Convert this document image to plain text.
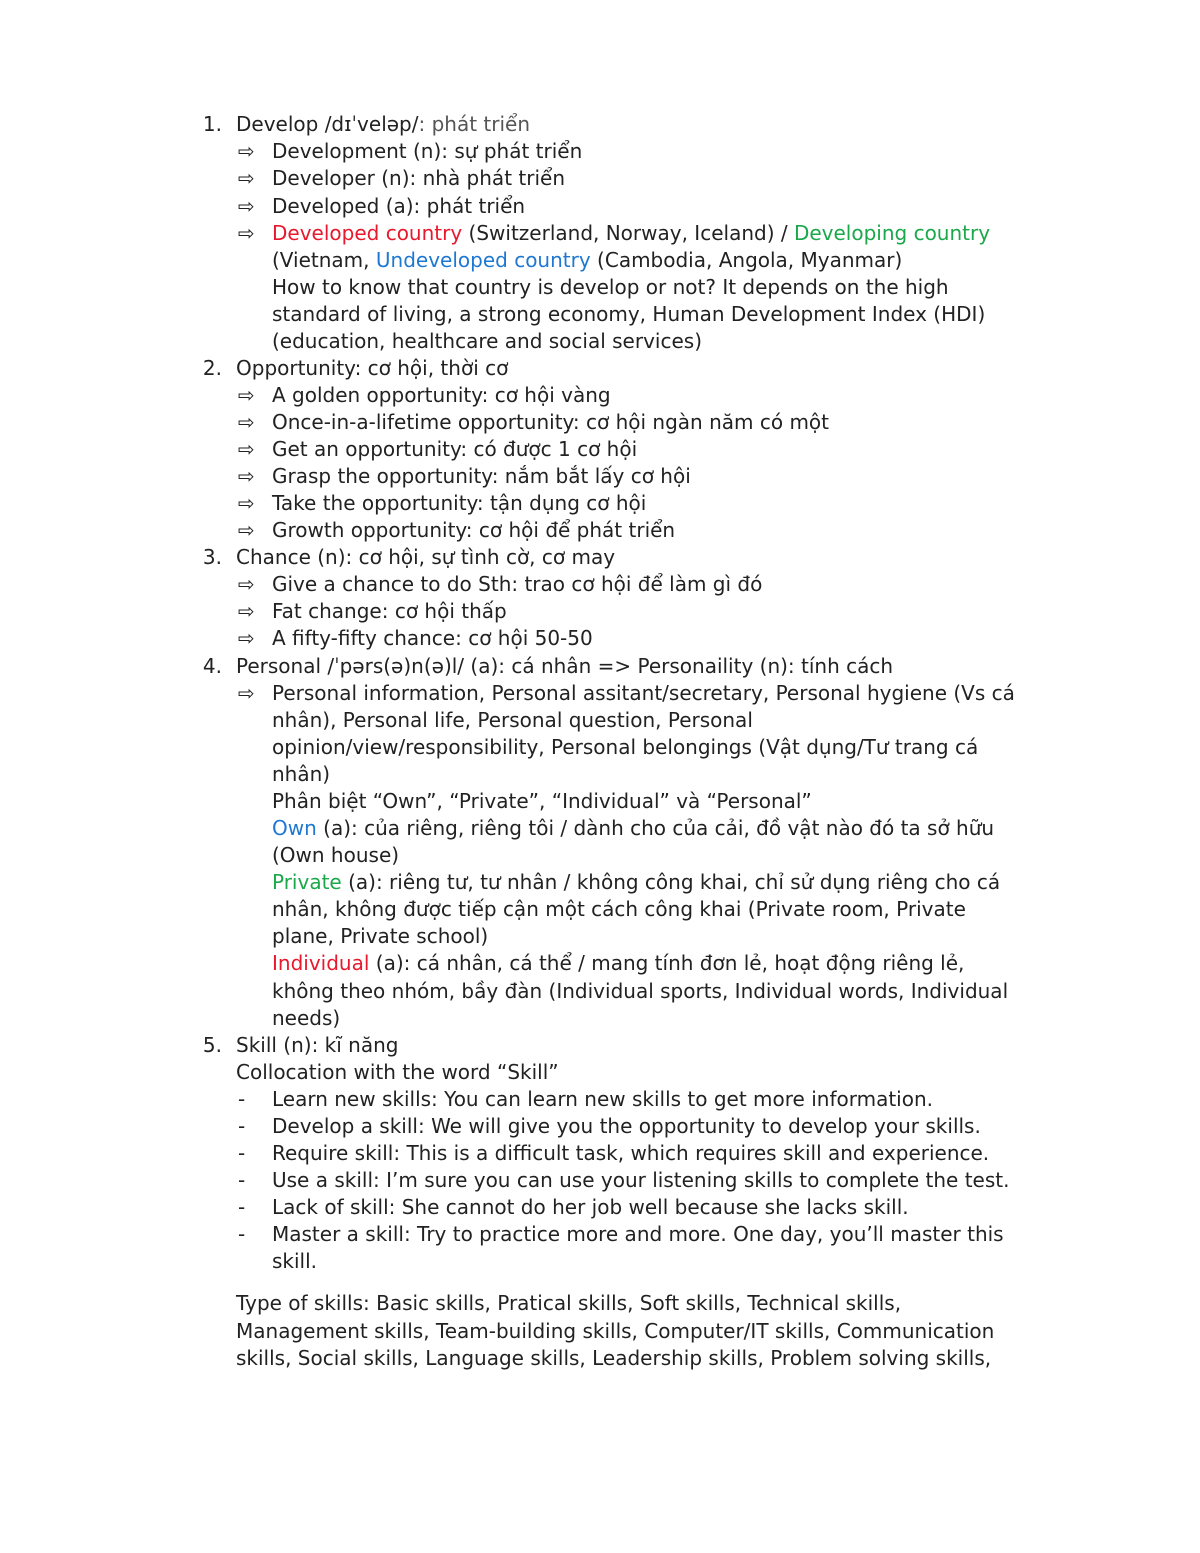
1. Develop /dɪˈveləp/: phát triển
⇨ Development (n): sự phát triển
⇨ Developer (n): nhà phát triển
⇨ Developed (a): phát triển
⇨ Developed country (Switzerland, Norway, Iceland) / Developing country
(Vietnam, Undeveloped country (Cambodia, Angola, Myanmar)
How to know that country is develop or not? It depends on the high
standard of living, a strong economy, Human Development Index (HDI)
(education, healthcare and social services)
2. Opportunity: cơ hội, thời cơ
⇨ A golden opportunity: cơ hội vàng
⇨ Once-in-a-lifetime opportunity: cơ hội ngàn năm có một
⇨ Get an opportunity: có được 1 cơ hội
⇨ Grasp the opportunity: nắm bắt lấy cơ hội
⇨ Take the opportunity: tận dụng cơ hội
⇨ Growth opportunity: cơ hội để phát triển
3. Chance (n): cơ hội, sự tình cờ, cơ may
⇨ Give a chance to do Sth: trao cơ hội để làm gì đó
⇨ Fat change: cơ hội thấp
⇨ A fifty-fifty chance: cơ hội 50-50
4. Personal /ˈpərs(ə)n(ə)l/ (a): cá nhân => Personaility (n): tính cách
⇨ Personal information, Personal assitant/secretary, Personal hygiene (Vs cá
nhân), Personal life, Personal question, Personal
opinion/view/responsibility, Personal belongings (Vật dụng/Tư trang cá
nhân)
Phân biệt “Own”, “Private”, “Individual” và “Personal”
Own (a): của riêng, riêng tôi / dành cho của cải, đồ vật nào đó ta sở hữu
(Own house)
Private (a): riêng tư, tư nhân / không công khai, chỉ sử dụng riêng cho cá
nhân, không được tiếp cận một cách công khai (Private room, Private
plane, Private school)
Individual (a): cá nhân, cá thể / mang tính đơn lẻ, hoạt động riêng lẻ,
không theo nhóm, bầy đàn (Individual sports, Individual words, Individual
needs)
5. Skill (n): kĩ năng
Collocation with the word “Skill”
- Learn new skills: You can learn new skills to get more information.
- Develop a skill: We will give you the opportunity to develop your skills.
- Require skill: This is a difficult task, which requires skill and experience.
- Use a skill: I’m sure you can use your listening skills to complete the test.
- Lack of skill: She cannot do her job well because she lacks skill.
- Master a skill: Try to practice more and more. One day, you’ll master this
skill.
Type of skills: Basic skills, Pratical skills, Soft skills, Technical skills,
Management skills, Team-building skills, Computer/IT skills, Communication
skills, Social skills, Language skills, Leadership skills, Problem solving skills,
